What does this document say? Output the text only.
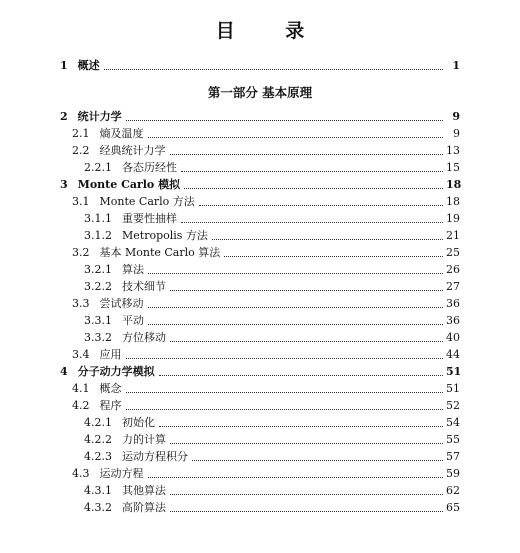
目 录
第一部分 基本原理
1 概述	1
2 统计力学	9
2.1 熵及温度	9
2.2 经典统计力学	13
2.2.1 各态历经性	15
3 Monte Carlo 模拟	18
3.1 Monte Carlo 方法	18
3.1.1 重要性抽样	19
3.1.2 Metropolis 方法	21
3.2 基本 Monte Carlo 算法	25
3.2.1 算法	26
3.2.2 技术细节	27
3.3 尝试移动	36
3.3.1 平动	36
3.3.2 方位移动	40
3.4 应用	44
4 分子动力学模拟	51
4.1 概念	51
4.2 程序	52
4.2.1 初始化	54
4.2.2 力的计算	55
4.2.3 运动方程积分	57
4.3 运动方程	59
4.3.1 其他算法	62
4.3.2 高阶算法	65
